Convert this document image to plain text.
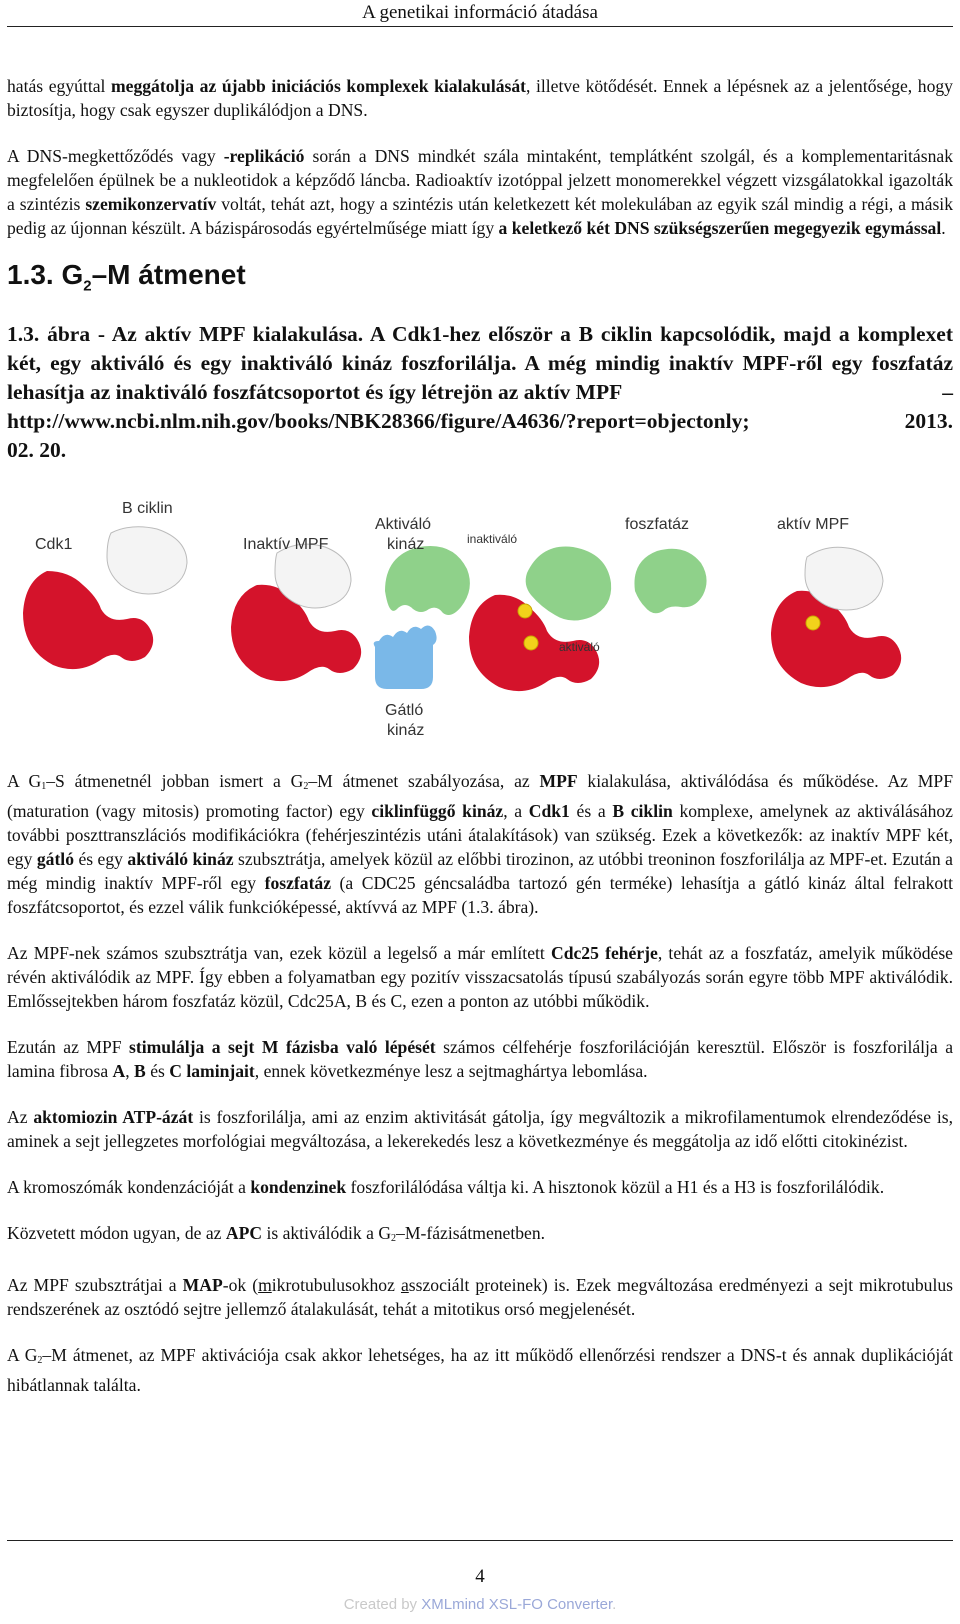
A genetikai információ átadása

hatás egyúttal meggátolja az újabb iniciációs komplexek kialakulását, illetve kötődését. Ennek a lépésnek az a jelentősége, hogy biztosítja, hogy csak egyszer duplikálódjon a DNS.

A DNS-megkettőződés vagy -replikáció során a DNS mindkét szála mintaként, templátként szolgál, és a komplementaritásnak megfelelően épülnek be a nukleotidok a képződő láncba. Radioaktív izotóppal jelzett monomerekkel végzett vizsgálatokkal igazolták a szintézis szemikonzervatív voltát, tehát azt, hogy a szintézis után keletkezett két molekulában az egyik szál mindig a régi, a másik pedig az újonnan készült. A bázispárosodás egyértelműsége miatt így a keletkező két DNS szükségszerűen megegyezik egymással.

1.3. $G_2-M$ átmenet
1.3. ábra - Az aktív MPF kialakulása. A Cdk1-hez először a B ciklin kapcsolódik, majd a komplexet két, egy aktiváló és egy inaktiváló kináz foszforilálja. A még mindig inaktív MPF-ről egy foszfatáz lehasítja az inaktiváló foszfátcsoportot és így létrejön az aktív MPF	–
http://www.ncbi.nlm.nih.gov/books/NBK28366/figure/A4636/?report=objectonly;	2013.
02. 20.
Cdk1
B ciklin
Inaktív MPF
Aktiváló
kináz
Gátló
kináz
inaktiváló
aktiváló
foszfatáz	aktív MPF

A $G_1-S$ átmenetnél jobban ismert a $G_2-M$ átmenet szabályozása, az MPF kialakulása, aktiválódása és működése. Az MPF (maturation (vagy mitosis) promoting factor) egy ciklinfüggő kináz, a Cdk1 és a B ciklin komplexe, amelynek az aktiválásához további poszttranszlációs modifikációkra (fehérjeszintézis utáni átalakítások) van szükség. Ezek a következők: az inaktív MPF két, egy gátló és egy aktiváló kináz szubsztrátja, amelyek közül az előbbi tirozinon, az utóbbi treoninon foszforilálja az MPF-et. Ezután a még mindig inaktív MPF-ről egy foszfatáz (a CDC25 géncsaládba tartozó gén terméke) lehasítja a gátló kináz által felrakott foszfátcsoportot, és ezzel válik funkcióképessé, aktívvá az MPF (1.3. ábra).

Az MPF-nek számos szubsztrátja van, ezek közül a legelső a már említett Cdc25 fehérje, tehát az a foszfatáz, amelyik működése révén aktiválódik az MPF. Így ebben a folyamatban egy pozitív visszacsatolás típusú szabályozás során egyre több MPF aktiválódik. Emlőssejtekben három foszfatáz közül, Cdc25A, B és C, ezen a ponton az utóbbi működik.

Ezután az MPF stimulálja a sejt M fázisba való lépését számos célfehérje foszforilációján keresztül. Először is foszforilálja a lamina fibrosa A, B és C laminjait, ennek következménye lesz a sejtmaghártya lebomlása.

Az aktomiozin ATP-ázát is foszforilálja, ami az enzim aktivitását gátolja, így megváltozik a mikrofilamentumok elrendeződése is, aminek a sejt jellegzetes morfológiai megváltozása, a lekerekedés lesz a következménye és meggátolja az idő előtti citokinézist.

A kromoszómák kondenzációját a kondenzinek foszforilálódása váltja ki. A hisztonok közül a H1 és a H3 is foszforilálódik.

Közvetett módon ugyan, de az APC is aktiválódik a $G_2-M$-fázisátmenetben.

Az MPF szubsztrátjai a MAP-ok (mikrotubulusokhoz asszociált proteinek) is. Ezek megváltozása eredményezi a sejt mikrotubulus rendszerének az osztódó sejtre jellemző átalakulását, tehát a mitotikus orsó megjelenését.

A $G_2-M$ átmenet, az MPF aktivációja csak akkor lehetséges, ha az itt működő ellenőrzési rendszer a DNS-t és annak duplikációját hibátlannak találta.

4
Created by XMLmind XSL-FO Converter.
